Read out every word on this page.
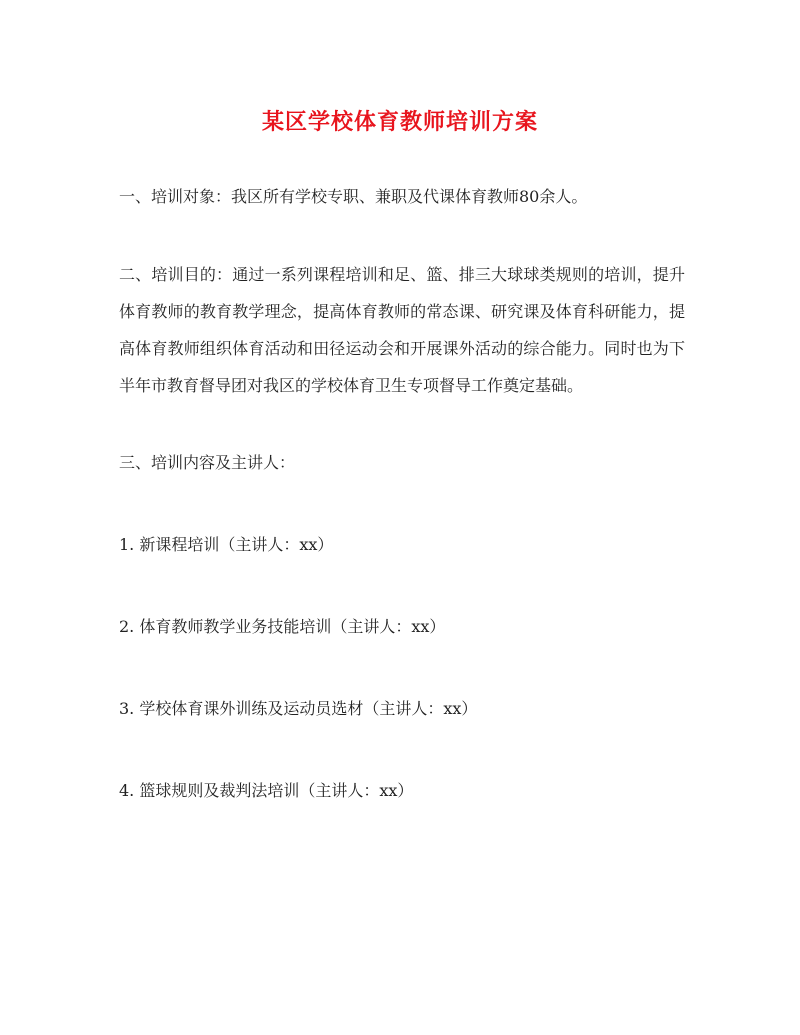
某区学校体育教师培训方案

一、培训对象：我区所有学校专职、兼职及代课体育教师80余人。

二、培训目的：通过一系列课程培训和足、篮、排三大球球类规则的培训，提升体育教师的教育教学理念，提高体育教师的常态课、研究课及体育科研能力，提高体育教师组织体育活动和田径运动会和开展课外活动的综合能力。同时也为下半年市教育督导团对我区的学校体育卫生专项督导工作奠定基础。

三、培训内容及主讲人：

1. 新课程培训（主讲人：xx）

2. 体育教师教学业务技能培训（主讲人：xx）

3. 学校体育课外训练及运动员选材（主讲人：xx）

4. 篮球规则及裁判法培训（主讲人：xx）
